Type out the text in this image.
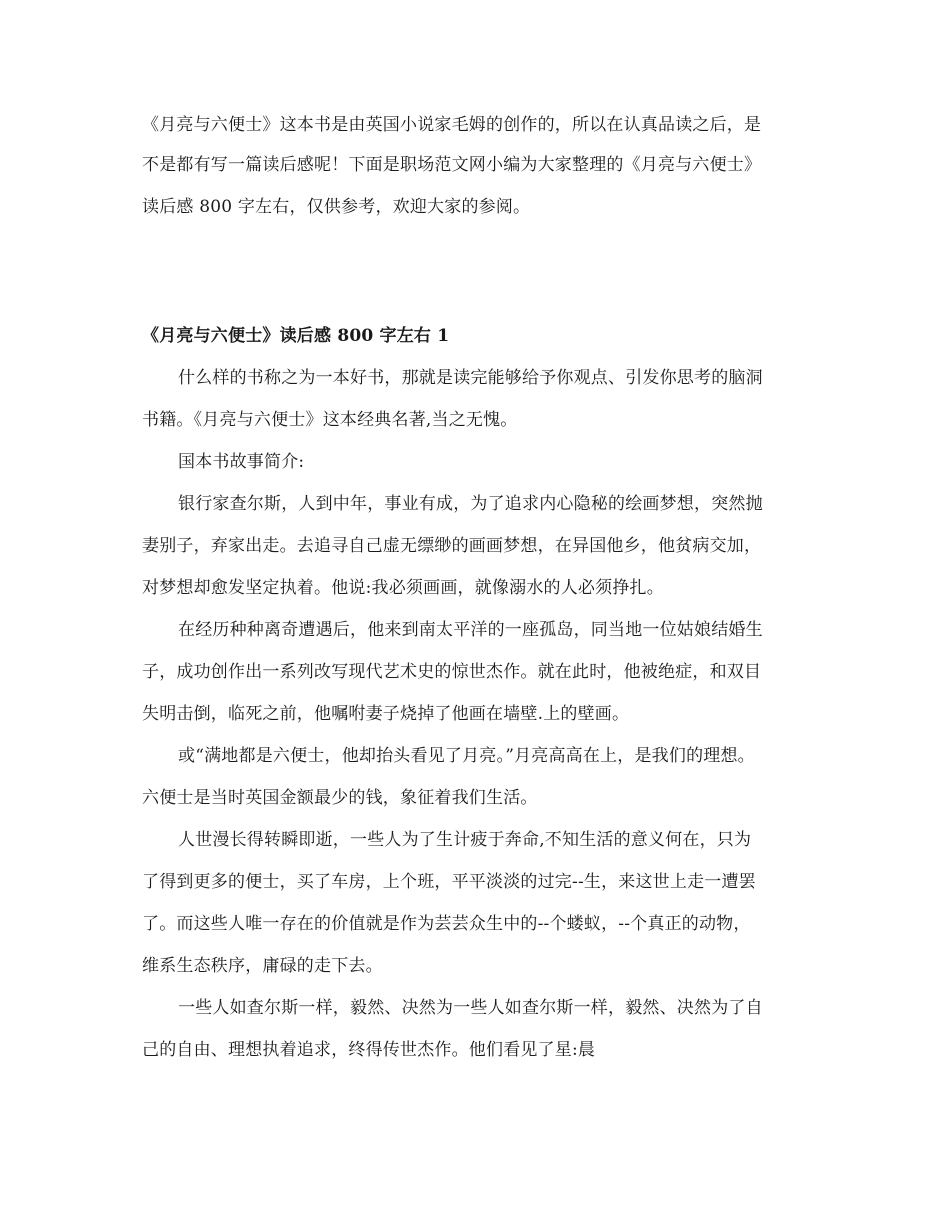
《月亮与六便士》这本书是由英国小说家毛姆的创作的，所以在认真品读之后，是
不是都有写一篇读后感呢！下面是职场范文网小编为大家整理的《月亮与六便士》
读后感 800 字左右，仅供参考，欢迎大家的参阅。
《月亮与六便士》读后感 800 字左右 1
什么样的书称之为一本好书，那就是读完能够给予你观点、引发你思考的脑洞
书籍。《月亮与六便士》这本经典名著,当之无愧。
国本书故事简介:
银行家查尔斯，人到中年，事业有成，为了追求内心隐秘的绘画梦想，突然抛
妻别子，弃家出走。去追寻自己虚无缥缈的画画梦想，在异国他乡，他贫病交加，
对梦想却愈发坚定执着。他说:我必须画画，就像溺水的人必须挣扎。
在经历种种离奇遭遇后，他来到南太平洋的一座孤岛，同当地一位姑娘结婚生
子，成功创作出一系列改写现代艺术史的惊世杰作。就在此时，他被绝症，和双目
失明击倒，临死之前，他嘱咐妻子烧掉了他画在墙壁.上的壁画。
或“满地都是六便士，他却抬头看见了月亮。”月亮高高在上，是我们的理想。
六便士是当时英国金额最少的钱，象征着我们生活。
人世漫长得转瞬即逝，一些人为了生计疲于奔命,不知生活的意义何在，只为
了得到更多的便士，买了车房，上个班，平平淡淡的过完--生，来这世上走一遭罢
了。而这些人唯一存在的价值就是作为芸芸众生中的--个蝼蚁，--个真正的动物，
维系生态秩序，庸碌的走下去。
一些人如查尔斯一样，毅然、决然为一些人如查尔斯一样，毅然、决然为了自
己的自由、理想执着追求，终得传世杰作。他们看见了星:晨
